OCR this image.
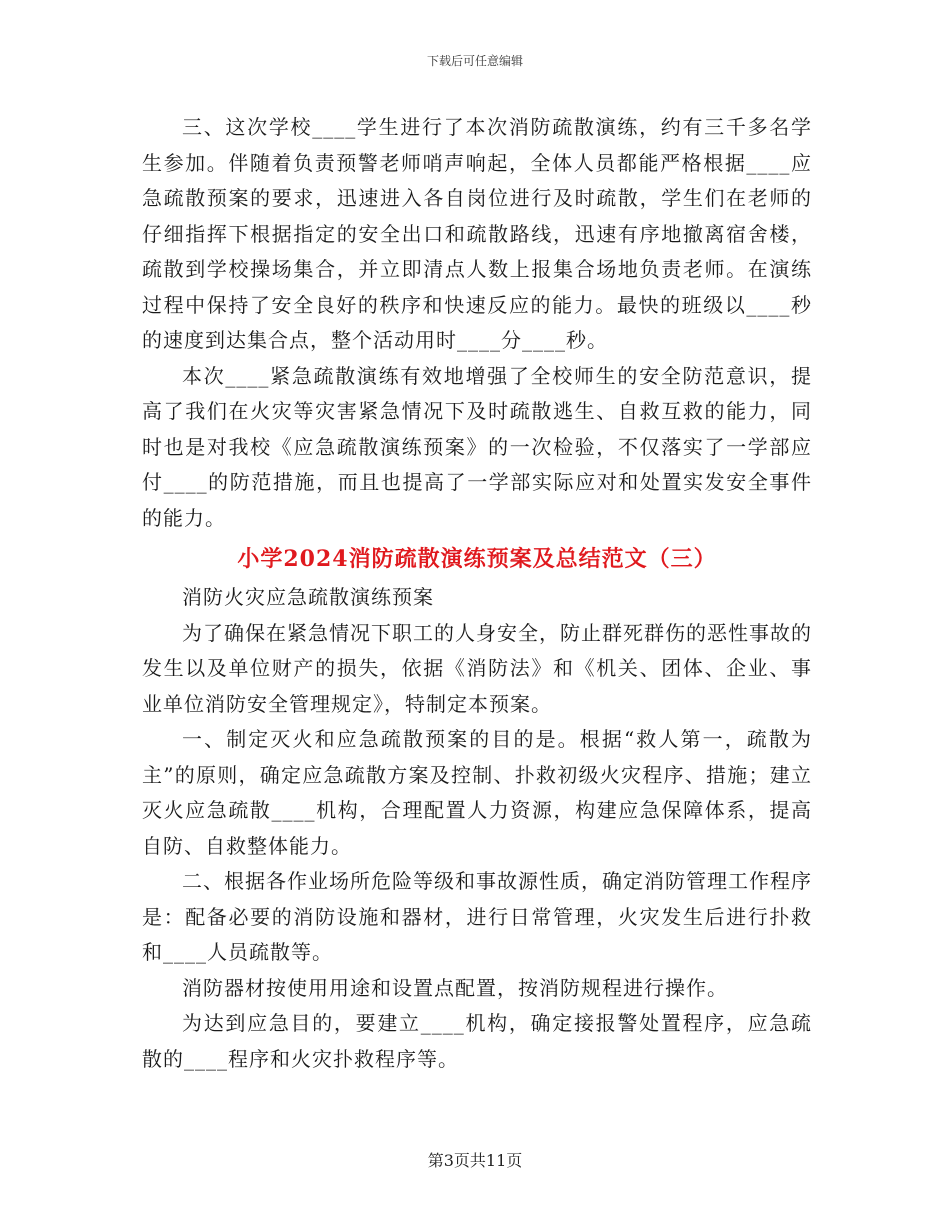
下载后可任意编辑

三、这次学校____学生进行了本次消防疏散演练，约有三千多名学生参加。伴随着负责预警老师哨声响起，全体人员都能严格根据____应急疏散预案的要求，迅速进入各自岗位进行及时疏散，学生们在老师的仔细指挥下根据指定的安全出口和疏散路线，迅速有序地撤离宿舍楼，疏散到学校操场集合，并立即清点人数上报集合场地负责老师。在演练过程中保持了安全良好的秩序和快速反应的能力。最快的班级以____秒的速度到达集合点，整个活动用时____分____秒。

本次____紧急疏散演练有效地增强了全校师生的安全防范意识，提高了我们在火灾等灾害紧急情况下及时疏散逃生、自救互救的能力，同时也是对我校《应急疏散演练预案》的一次检验，不仅落实了一学部应付____的防范措施，而且也提高了一学部实际应对和处置实发安全事件的能力。

小学2024消防疏散演练预案及总结范文（三）

消防火灾应急疏散演练预案

为了确保在紧急情况下职工的人身安全，防止群死群伤的恶性事故的发生以及单位财产的损失，依据《消防法》和《机关、团体、企业、事业单位消防安全管理规定》，特制定本预案。

一、制定灭火和应急疏散预案的目的是。根据“救人第一，疏散为主”的原则，确定应急疏散方案及控制、扑救初级火灾程序、措施；建立灭火应急疏散____机构，合理配置人力资源，构建应急保障体系，提高自防、自救整体能力。

二、根据各作业场所危险等级和事故源性质，确定消防管理工作程序是：配备必要的消防设施和器材，进行日常管理，火灾发生后进行扑救和____人员疏散等。

消防器材按使用用途和设置点配置，按消防规程进行操作。

为达到应急目的，要建立____机构，确定接报警处置程序，应急疏散的____程序和火灾扑救程序等。

第3页共11页
